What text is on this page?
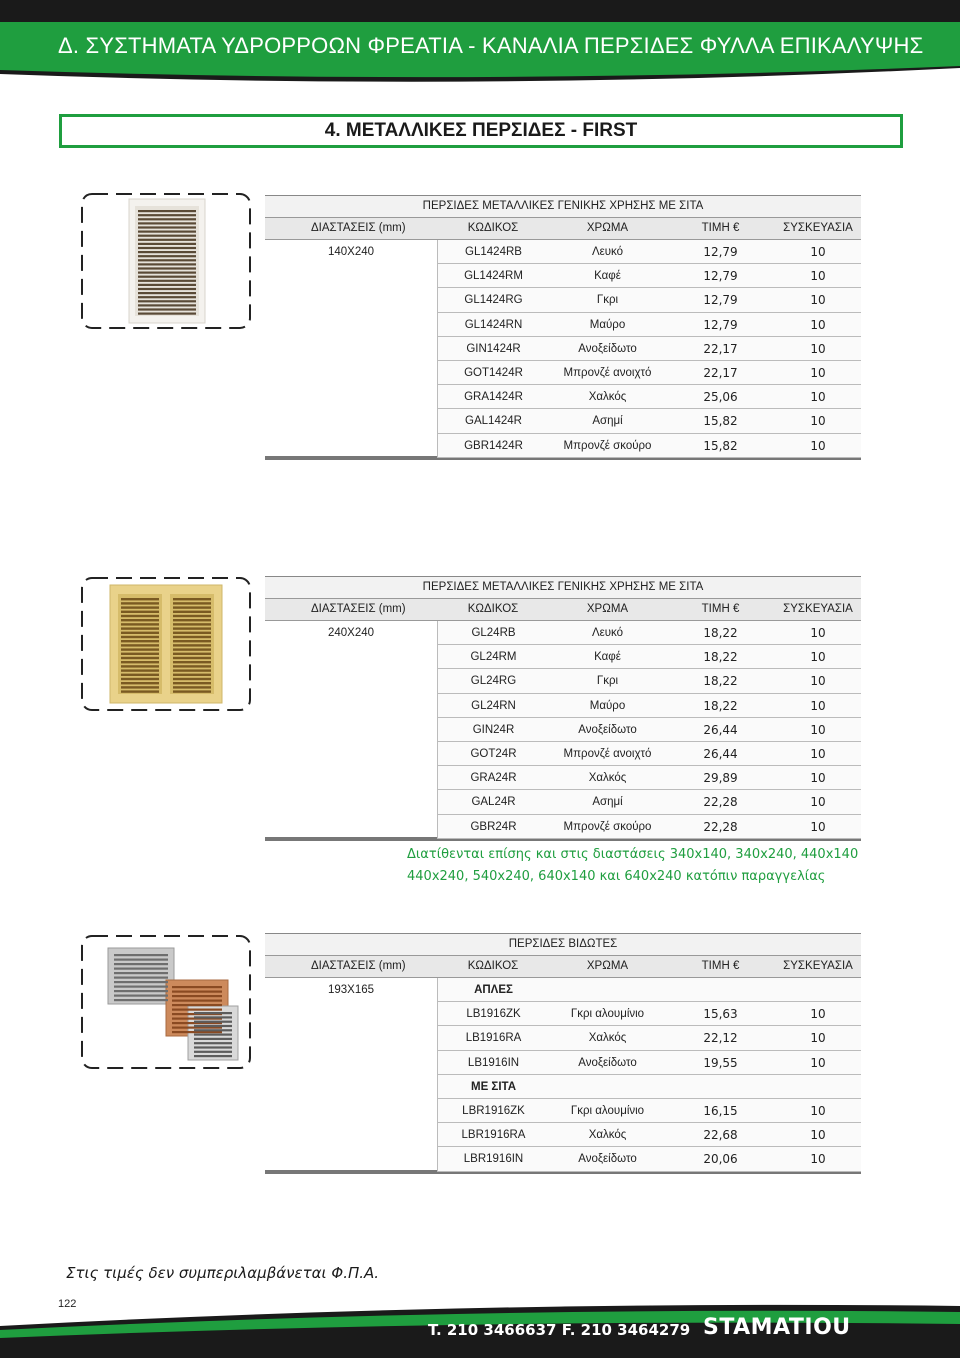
Δ. ΣΥΣΤΗΜΑΤΑ ΥΔΡΟΡΡΟΩΝ ΦΡΕΑΤΙΑ - ΚΑΝΑΛΙΑ ΠΕΡΣΙΔΕΣ ΦΥΛΛΑ ΕΠΙΚΑΛΥΨΗΣ
4. ΜΕΤΑΛΛΙΚΕΣ ΠΕΡΣΙΔΕΣ - FIRST
ΠΕΡΣΙΔΕΣ ΜΕΤΑΛΛΙΚΕΣ ΓΕΝΙΚΗΣ ΧΡΗΣΗΣ ΜΕ ΣΙΤΑ
ΔΙΑΣΤΑΣΕΙΣ (mm)	ΚΩΔΙΚΟΣ	ΧΡΩΜΑ	ΤΙΜΗ €	ΣΥΣΚΕΥΑΣΙΑ
140X240	GL1424RB	Λευκό	12,79	10
GL1424RM	Καφέ	12,79	10
GL1424RG	Γκρι	12,79	10
GL1424RN	Μαύρο	12,79	10
GIN1424R	Ανοξείδωτο	22,17	10
GOT1424R	Μπρονζέ ανοιχτό	22,17	10
GRA1424R	Χαλκός	25,06	10
GAL1424R	Ασημί	15,82	10
GBR1424R	Μπρονζέ σκούρο	15,82	10
ΠΕΡΣΙΔΕΣ ΜΕΤΑΛΛΙΚΕΣ ΓΕΝΙΚΗΣ ΧΡΗΣΗΣ ΜΕ ΣΙΤΑ
ΔΙΑΣΤΑΣΕΙΣ (mm)	ΚΩΔΙΚΟΣ	ΧΡΩΜΑ	ΤΙΜΗ €	ΣΥΣΚΕΥΑΣΙΑ
240X240	GL24RB	Λευκό	18,22	10
GL24RM	Καφέ	18,22	10
GL24RG	Γκρι	18,22	10
GL24RN	Μαύρο	18,22	10
GIN24R	Ανοξείδωτο	26,44	10
GOT24R	Μπρονζέ ανοιχτό	26,44	10
GRA24R	Χαλκός	29,89	10
GAL24R	Ασημί	22,28	10
GBR24R	Μπρονζέ σκούρο	22,28	10
Διατίθενται επίσης και στις διαστάσεις 340x140, 340x240, 440x140
440x240, 540x240, 640x140 και 640x240 κατόπιν παραγγελίας
ΠΕΡΣΙΔΕΣ ΒΙΔΩΤΕΣ
ΔΙΑΣΤΑΣΕΙΣ (mm)	ΚΩΔΙΚΟΣ	ΧΡΩΜΑ	ΤΙΜΗ €	ΣΥΣΚΕΥΑΣΙΑ
193X165	ΑΠΛΕΣ
LB1916ZK	Γκρι αλουμίνιο	15,63	10
LB1916RA	Χαλκός	22,12	10
LB1916IN	Ανοξείδωτο	19,55	10
ΜΕ ΣΙΤΑ
LBR1916ZK	Γκρι αλουμίνιο	16,15	10
LBR1916RA	Χαλκός	22,68	10
LBR1916IN	Ανοξείδωτο	20,06	10
Στις τιμές δεν συμπεριλαμβάνεται Φ.Π.Α.
T. 210 3466637 F. 210 3464279 STAMATIOU
122
